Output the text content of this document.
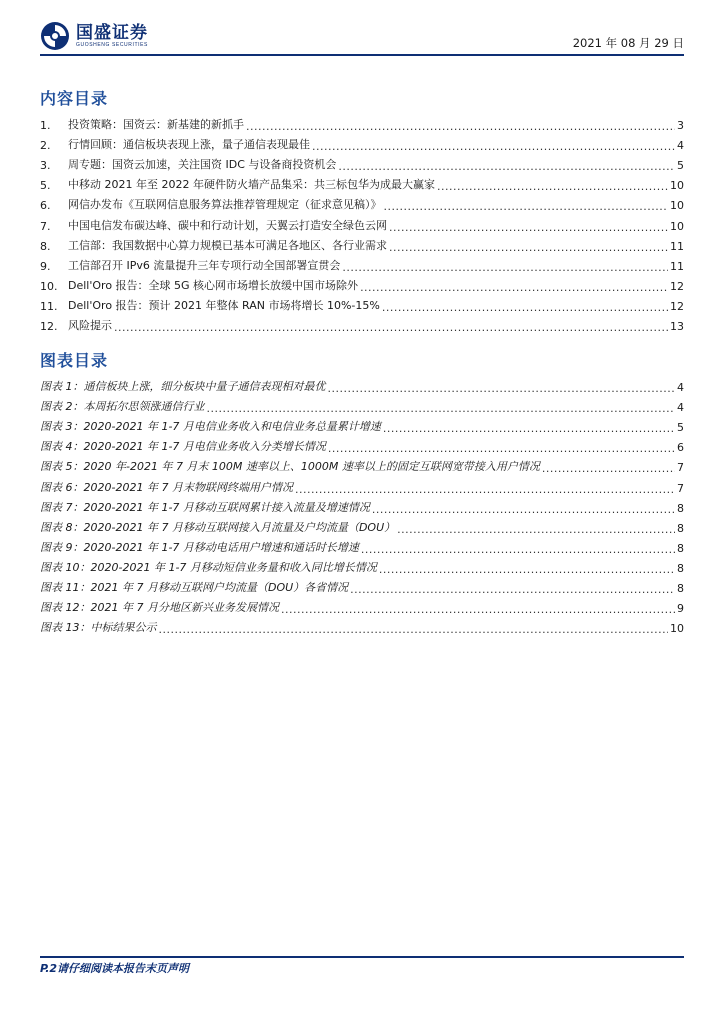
国盛证券
GUOSHENG SECURITIES	2021 年 08 月 29 日
内容目录
1.	投资策略：国资云：新基建的新抓手 .....	3
2.	行情回顾：通信板块表现上涨，量子通信表现最佳 .....	4
3.	周专题：国资云加速，关注国资 IDC 与设备商投资机会 .....	5
5.	中移动 2021 年至 2022 年硬件防火墙产品集采：共三标包华为成最大赢家 .....	10
6.	网信办发布《互联网信息服务算法推荐管理规定（征求意见稿）》 .....	10
7.	中国电信发布碳达峰、碳中和行动计划，天翼云打造安全绿色云网 .....	10
8.	工信部：我国数据中心算力规模已基本可满足各地区、各行业需求 .....	11
9.	工信部召开 IPv6 流量提升三年专项行动全国部署宣贯会 .....	11
10. Dell'Oro 报告：全球 5G 核心网市场增长放缓中国市场除外 .....	12
11. Dell'Oro 报告：预计 2021 年整体 RAN 市场将增长 10%-15% .....	12
12. 风险提示 .....	13
图表目录
图表 1：通信板块上涨，细分板块中量子通信表现相对最优 .....	4
图表 2：本周拓尔思领涨通信行业 .....	4
图表 3：2020-2021 年 1-7 月电信业务收入和电信业务总量累计增速 .....	5
图表 4：2020-2021 年 1-7 月电信业务收入分类增长情况 .....	6
图表 5：2020 年-2021 年 7 月末 100M 速率以上、1000M 速率以上的固定互联网宽带接入用户情况 .....	7
图表 6：2020-2021 年 7 月末物联网终端用户情况 .....	7
图表 7：2020-2021 年 1-7 月移动互联网累计接入流量及增速情况 .....	8
图表 8：2020-2021 年 7 月移动互联网接入月流量及户均流量（DOU） .....	8
图表 9：2020-2021 年 1-7 月移动电话用户增速和通话时长增速 .....	8
图表 10：2020-2021 年 1-7 月移动短信业务量和收入同比增长情况 .....	8
图表 11：2021 年 7 月移动互联网户均流量（DOU）各省情况 .....	8
图表 12：2021 年 7 月分地区新兴业务发展情况 .....	9
图表 13：中标结果公示 .....	10
P.2请仔细阅读本报告末页声明
